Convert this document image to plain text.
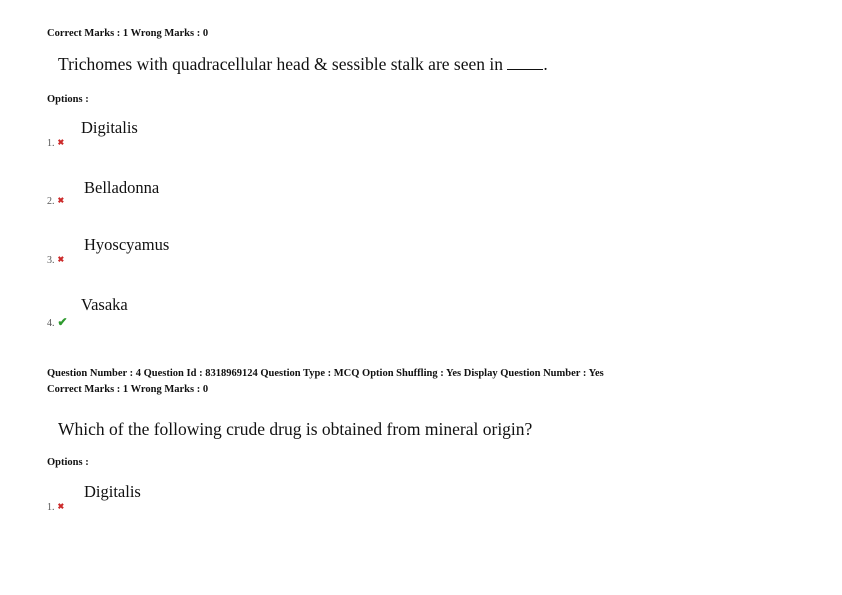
Correct Marks : 1 Wrong Marks : 0
Trichomes with quadracellular head & sessible stalk are seen in .
Options :
Digitalis
1. ✖
Belladonna
2. ✖
Hyoscyamus
3. ✖
Vasaka
4. ✔
Question Number : 4 Question Id : 8318969124 Question Type : MCQ Option Shuffling : Yes Display Question Number : Yes
Correct Marks : 1 Wrong Marks : 0
Which of the following crude drug is obtained from mineral origin?
Options :
Digitalis
1. ✖
